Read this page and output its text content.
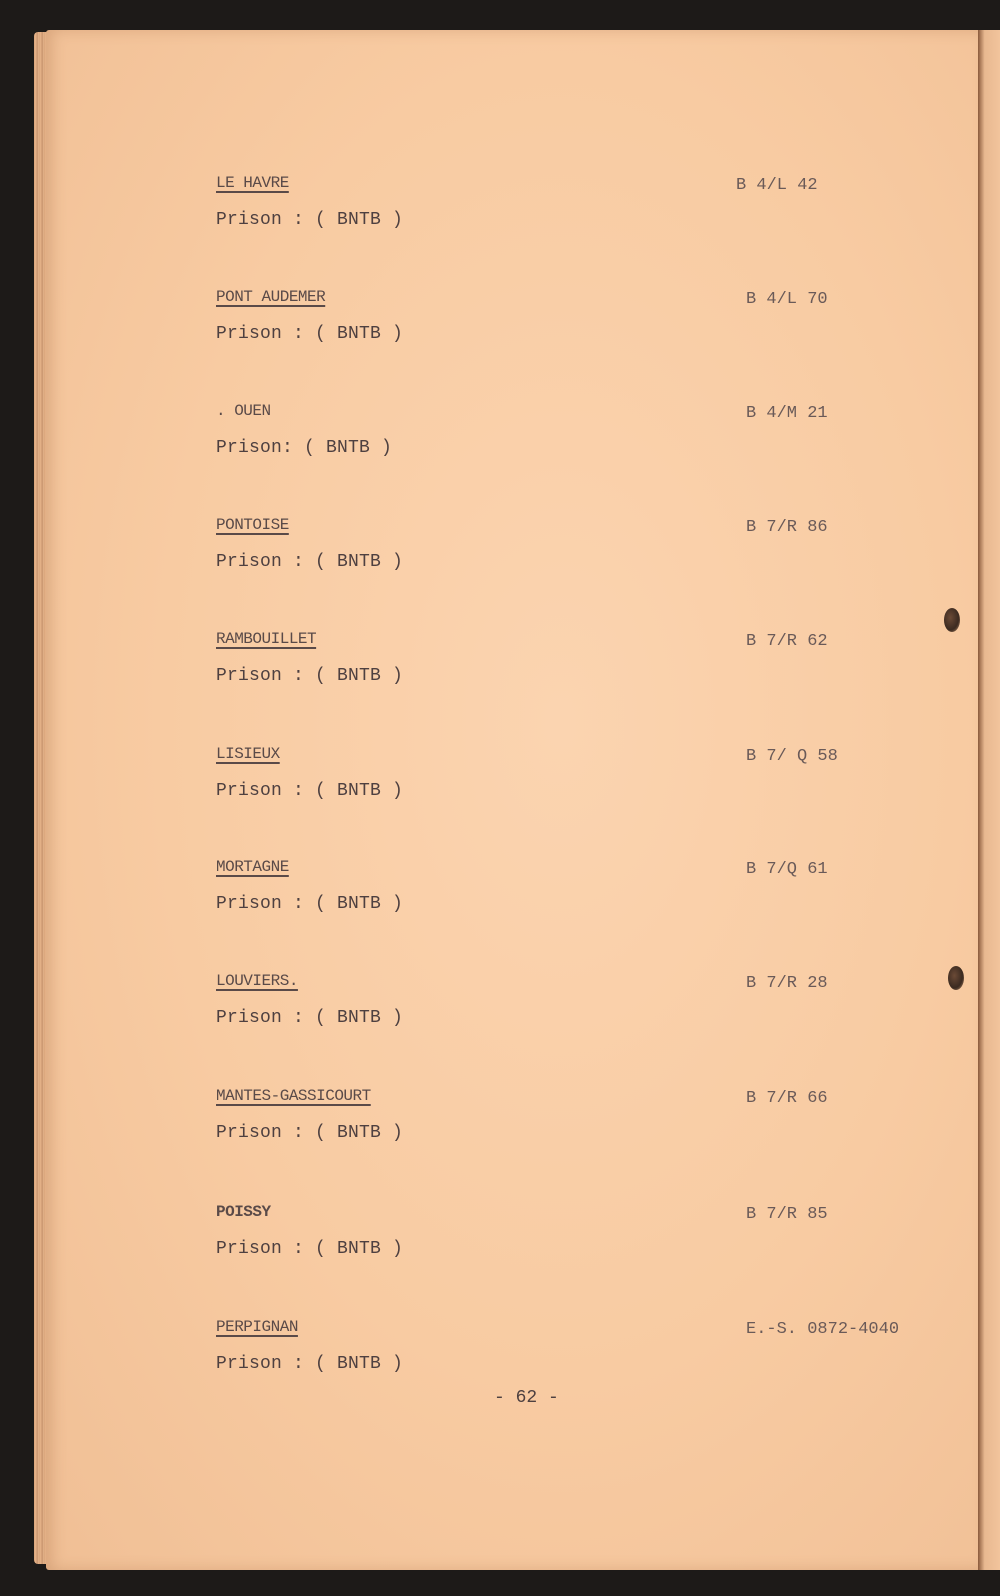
LE HAVRE	B 4/L 42
Prison : ( BNTB )
PONT AUDEMER	B 4/L 70
Prison : ( BNTB )
. OUEN	B 4/M 21
Prison: ( BNTB )
PONTOISE	B 7/R 86
Prison : ( BNTB )
RAMBOUILLET	B 7/R 62
Prison : ( BNTB )
LISIEUX	B 7/ Q 58
Prison : ( BNTB )
MORTAGNE	B 7/Q 61
Prison : ( BNTB )
LOUVIERS.	B 7/R 28
Prison : ( BNTB )
MANTES-GASSICOURT	B 7/R 66
Prison : ( BNTB )
POISSY	B 7/R 85
Prison : ( BNTB )
PERPIGNAN	E.-S. 0872-4040
Prison : ( BNTB )
- 62 -
